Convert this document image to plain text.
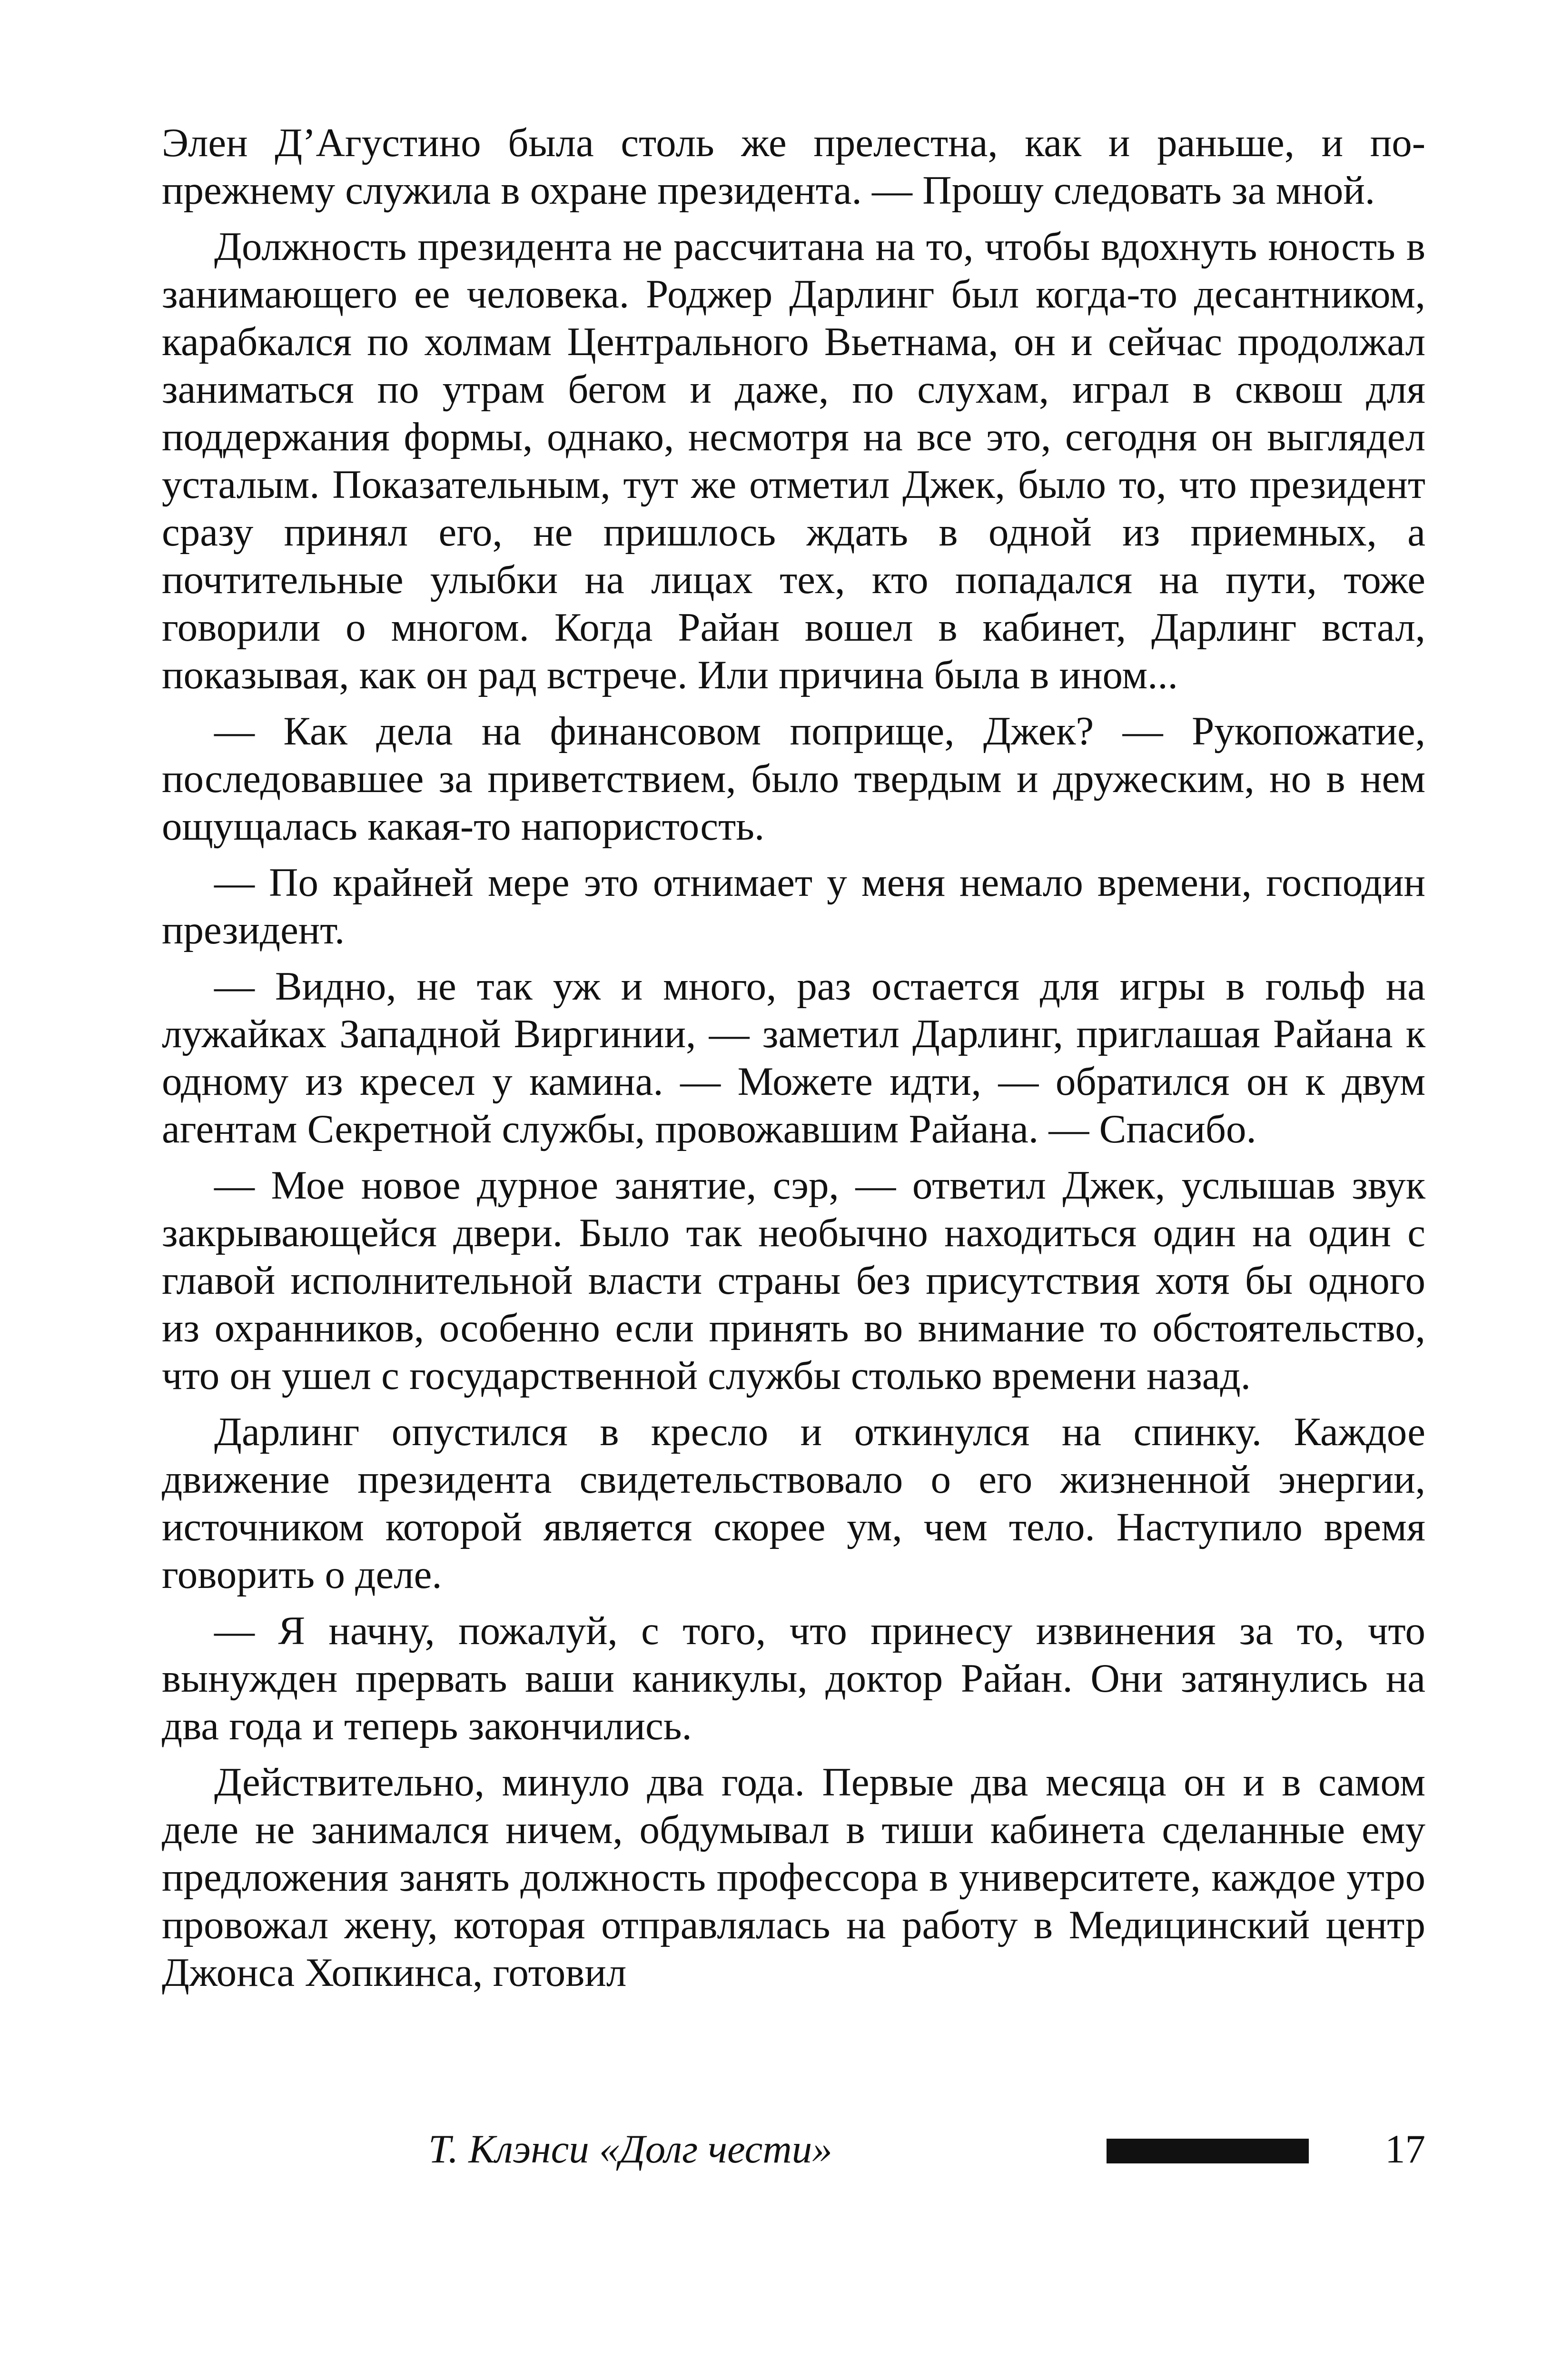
Элен Д’Агустино была столь же прелестна, как и раньше, и по-прежнему служила в охране президента. — Прошу следовать за мной.

Должность президента не рассчитана на то, чтобы вдохнуть юность в занимающего ее человека. Роджер Дарлинг был когда-то десантником, карабкался по холмам Центрального Вьетнама, он и сейчас продолжал заниматься по утрам бегом и даже, по слухам, играл в сквош для поддержания формы, однако, несмотря на все это, сегодня он выглядел усталым. Показательным, тут же отметил Джек, было то, что президент сразу принял его, не пришлось ждать в одной из приемных, а почтительные улыбки на лицах тех, кто попадался на пути, тоже говорили о многом. Когда Райан вошел в кабинет, Дарлинг встал, показывая, как он рад встрече. Или причина была в ином...

— Как дела на финансовом поприще, Джек? — Рукопожатие, последовавшее за приветствием, было твердым и дружеским, но в нем ощущалась какая-то напористость.

— По крайней мере это отнимает у меня немало времени, господин президент.

— Видно, не так уж и много, раз остается для игры в гольф на лужайках Западной Виргинии, — заметил Дарлинг, приглашая Райана к одному из кресел у камина. — Можете идти, — обратился он к двум агентам Секретной службы, провожавшим Райана. — Спасибо.

— Мое новое дурное занятие, сэр, — ответил Джек, услышав звук закрывающейся двери. Было так необычно находиться один на один с главой исполнительной власти страны без присутствия хотя бы одного из охранников, особенно если принять во внимание то обстоятельство, что он ушел с государственной службы столько времени назад.

Дарлинг опустился в кресло и откинулся на спинку. Каждое движение президента свидетельствовало о его жизненной энергии, источником которой является скорее ум, чем тело. Наступило время говорить о деле.

— Я начну, пожалуй, с того, что принесу извинения за то, что вынужден прервать ваши каникулы, доктор Райан. Они затянулись на два года и теперь закончились.

Действительно, минуло два года. Первые два месяца он и в самом деле не занимался ничем, обдумывал в тиши кабинета сделанные ему предложения занять должность профессора в университете, каждое утро провожал жену, которая отправлялась на работу в Медицинский центр Джонса Хопкинса, готовил

Т. Клэнси «Долг чести»	17
